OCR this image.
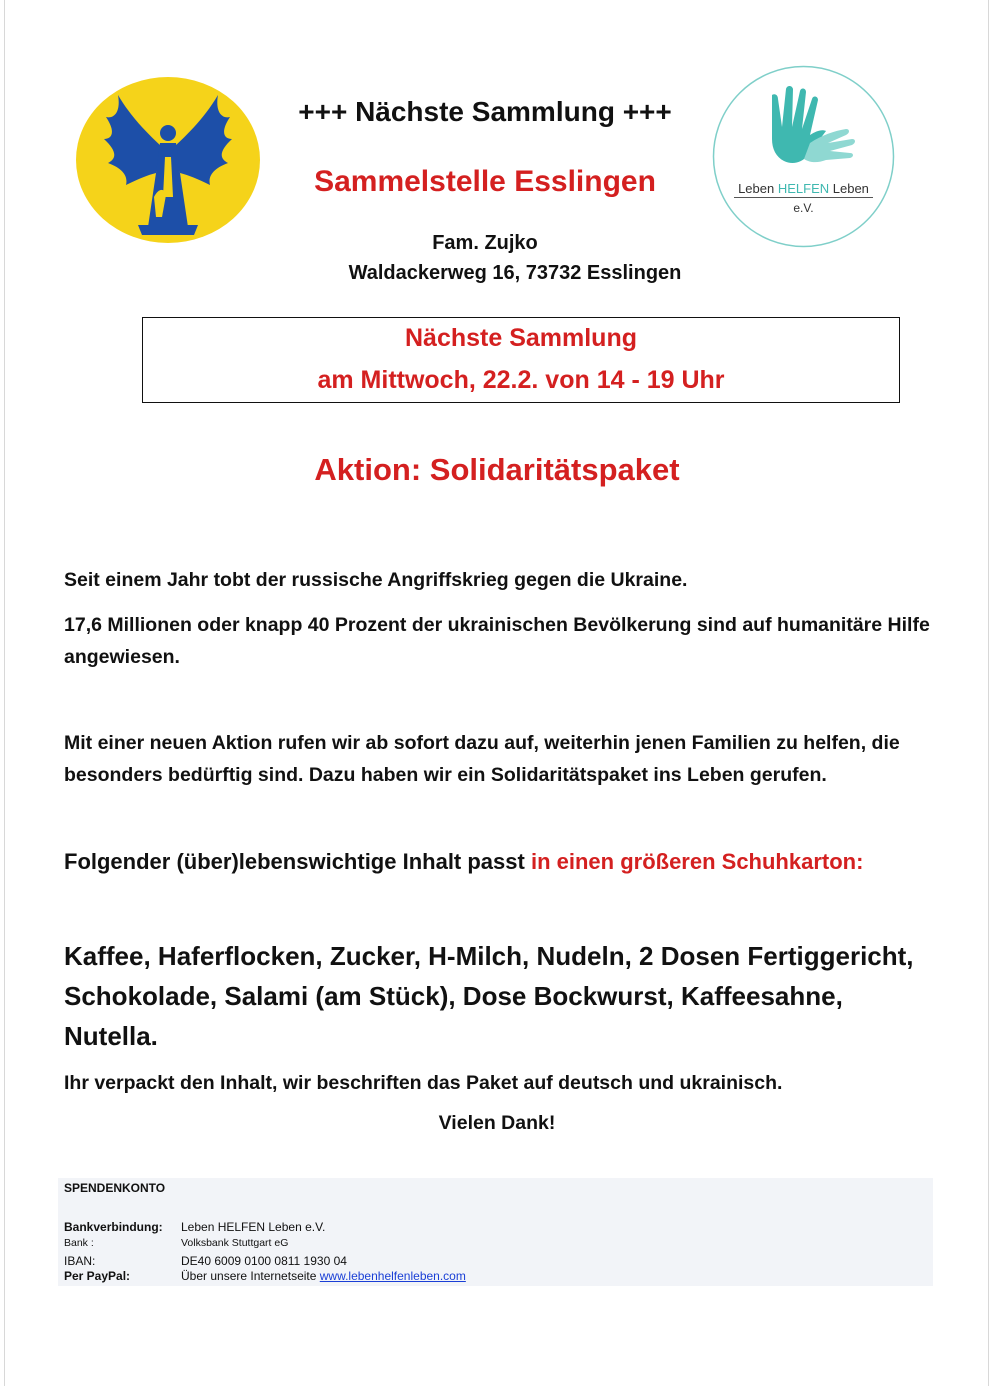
Leben HELFEN Leben
e.V.
+++ Nächste Sammlung +++
Sammelstelle Esslingen
Fam. Zujko
Waldackerweg 16, 73732 Esslingen
Nächste Sammlung
am Mittwoch, 22.2. von 14 - 19 Uhr
Aktion: Solidaritätspaket
Seit einem Jahr tobt der russische Angriffskrieg gegen die Ukraine.
17,6 Millionen oder knapp 40 Prozent der ukrainischen Bevölkerung sind auf humanitäre Hilfe angewiesen.
Mit einer neuen Aktion rufen wir ab sofort dazu auf, weiterhin jenen Familien zu helfen, die besonders bedürftig sind. Dazu haben wir ein Solidaritätspaket ins Leben gerufen.
Folgender (über)lebenswichtige Inhalt passt in einen größeren Schuhkarton:
Kaffee, Haferflocken, Zucker, H-Milch, Nudeln, 2 Dosen Fertiggericht, Schokolade, Salami (am Stück), Dose Bockwurst, Kaffeesahne, Nutella.
Ihr verpackt den Inhalt, wir beschriften das Paket auf deutsch und ukrainisch.
Vielen Dank!
SPENDENKONTO
Bankverbindung: Leben HELFEN Leben e.V.
Bank :	Volksbank Stuttgart eG
IBAN:	DE40 6009 0100 0811 1930 04
Per PayPal:	Über unsere Internetseite www.lebenhelfenleben.com
